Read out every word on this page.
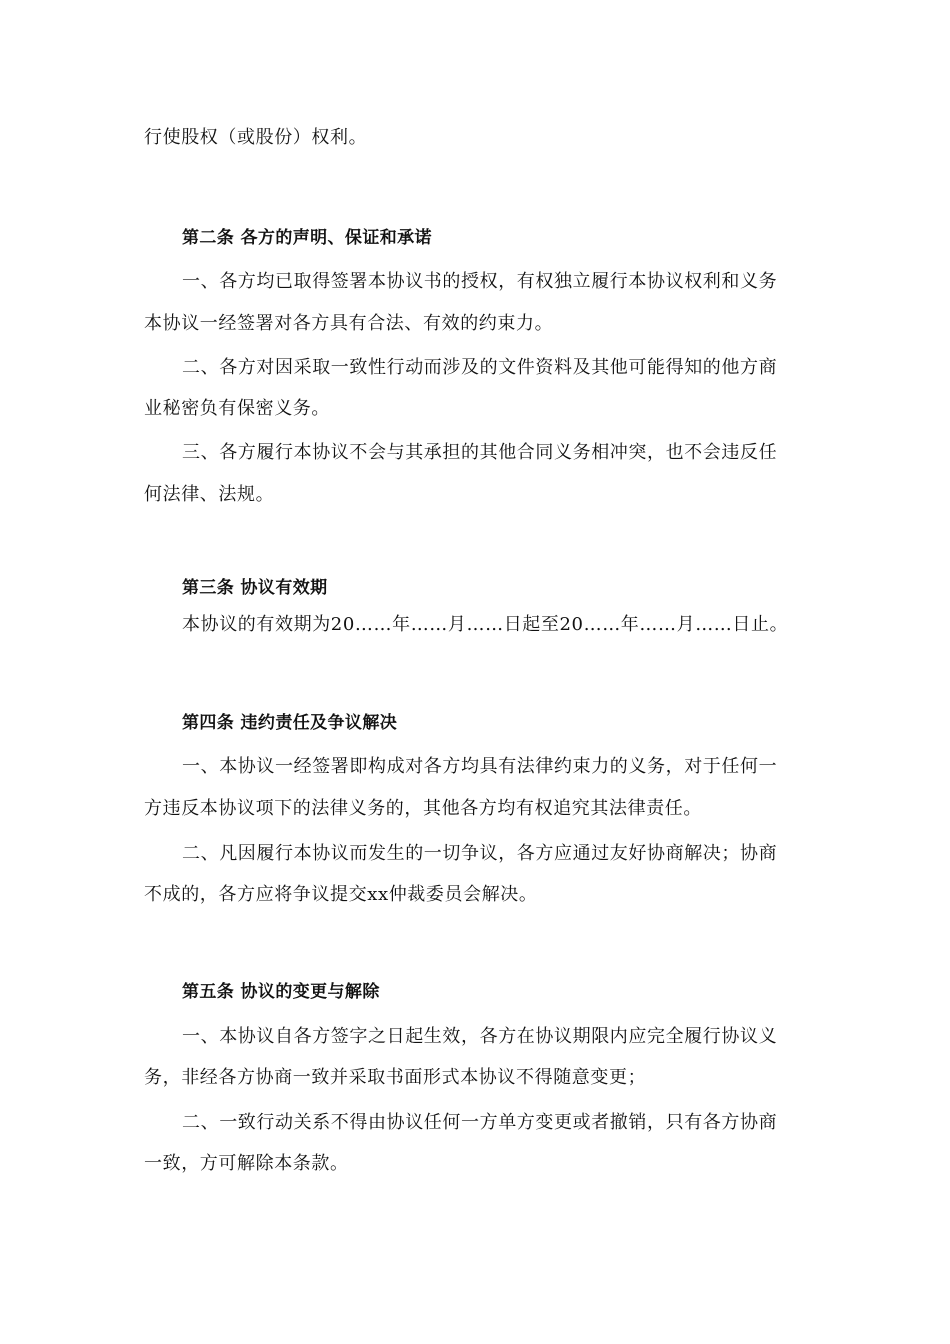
行使股权（或股份）权利。
第二条 各方的声明、保证和承诺
一、各方均已取得签署本协议书的授权，有权独立履行本协议权利和义务
本协议一经签署对各方具有合法、有效的约束力。
二、各方对因采取一致性行动而涉及的文件资料及其他可能得知的他方商
业秘密负有保密义务。
三、各方履行本协议不会与其承担的其他合同义务相冲突，也不会违反任
何法律、法规。
第三条 协议有效期
本协议的有效期为20……年……月……日起至20……年……月……日止。
第四条 违约责任及争议解决
一、本协议一经签署即构成对各方均具有法律约束力的义务，对于任何一
方违反本协议项下的法律义务的，其他各方均有权追究其法律责任。
二、凡因履行本协议而发生的一切争议，各方应通过友好协商解决；协商
不成的，各方应将争议提交xx仲裁委员会解决。
第五条 协议的变更与解除
一、本协议自各方签字之日起生效，各方在协议期限内应完全履行协议义
务，非经各方协商一致并采取书面形式本协议不得随意变更；
二、一致行动关系不得由协议任何一方单方变更或者撤销，只有各方协商
一致，方可解除本条款。
